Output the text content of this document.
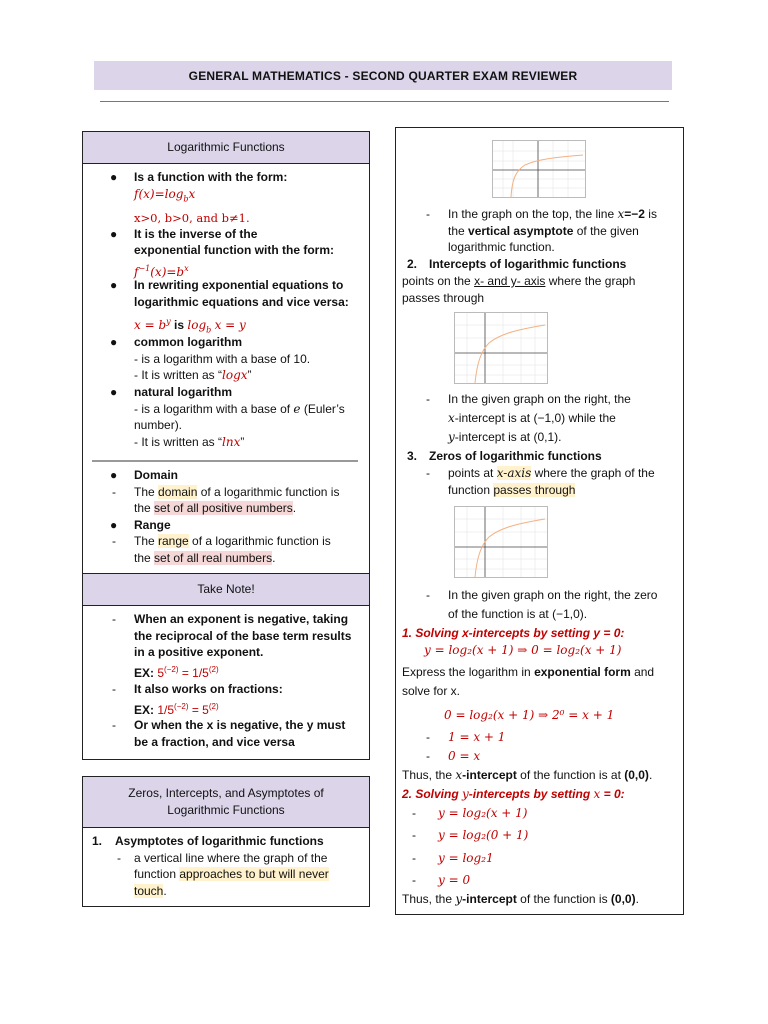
GENERAL MATHEMATICS - SECOND QUARTER EXAM REVIEWER
Logarithmic Functions
● Is a function with the form:
$f(x)=\log_bx$
x>0, b>0, and b≠1.
● It is the inverse of the
exponential function with the form:
$f^{-1}(x)=b^x$
● In rewriting exponential equations to
logarithmic equations and vice versa:
$x = b^y$ is $\log_b x = y$
● common logarithm
- is a logarithm with a base of 10.
- It is written as “logx”
● natural logarithm
- is a logarithm with a base of e (Euler’s
number).
- It is written as “lnx”
● Domain
- The domain of a logarithmic function is
the set of all positive numbers.
● Range
- The range of a logarithmic function is
the set of all real numbers.
Take Note!
- When an exponent is negative, taking
the reciprocal of the base term results
in a positive exponent.
EX: $5^{(-2)} = 1/5^{(2)}$
- It also works on fractions:
EX: $1/5^{(-2)} = 5^{(2)}$
- Or when the x is negative, the y must
be a fraction, and vice versa
Zeros, Intercepts, and Asymptotes of
Logarithmic Functions
1. Asymptotes of logarithmic functions
- a vertical line where the graph of the
function approaches to but will never
touch.
- In the graph on the top, the line x=−2 is
the vertical asymptote of the given
logarithmic function.
2. Intercepts of logarithmic functions
points on the x- and y- axis where the graph
passes through
- In the given graph on the right, the
x-intercept is at (−1,0) while the
y-intercept is at (0,1).
3. Zeros of logarithmic functions
- points at x-axis where the graph of the
function passes through
- In the given graph on the right, the zero
of the function is at (−1,0).
1. Solving x-intercepts by setting y = 0:
y = log₂(x + 1) ⇒ 0 = log₂(x + 1)
Express the logarithm in exponential form and
solve for x.
0 = log₂(x + 1) ⇒ 2⁰ = x + 1
- 1 = x + 1
- 0 = x
Thus, the x-intercept of the function is at (0,0).
2. Solving y-intercepts by setting x = 0:
- y = log₂(x + 1)
- y = log₂(0 + 1)
- y = log₂1
- y = 0
Thus, the y-intercept of the function is (0,0).
